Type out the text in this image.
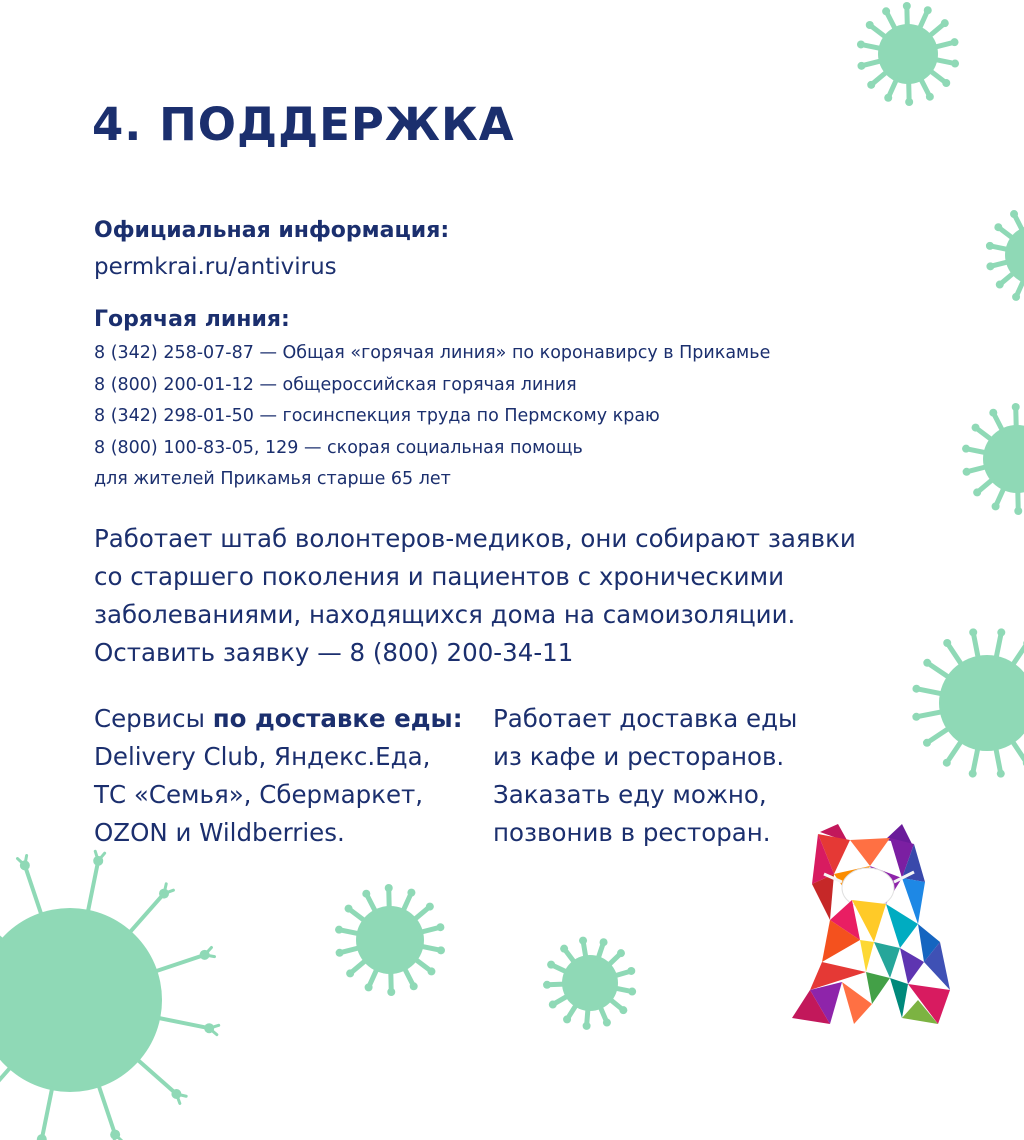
4. ПОДДЕРЖКА
Официальная информация:
permkrai.ru/antivirus
Горячая линия:
8 (342) 258-07-87 — Общая «горячая линия» по коронавирсу в Прикамье
8 (800) 200-01-12 — общероссийская горячая линия
8 (342) 298-01-50 — госинспекция труда по Пермскому краю
8 (800) 100-83-05, 129 — скорая социальная помощь
для жителей Прикамья старше 65 лет
Работает штаб волонтеров-медиков, они собирают заявки
со старшего поколения и пациентов с хроническими
заболеваниями, находящихся дома на самоизоляции.
Оставить заявку — 8 (800) 200-34-11
Сервисы по доставке еды:
Delivery Club, Яндекс.Еда,
ТС «Семья», Сбермаркет,
OZON и Wildberries.
Работает доставка еды
из кафе и ресторанов.
Заказать еду можно,
позвонив в ресторан.
